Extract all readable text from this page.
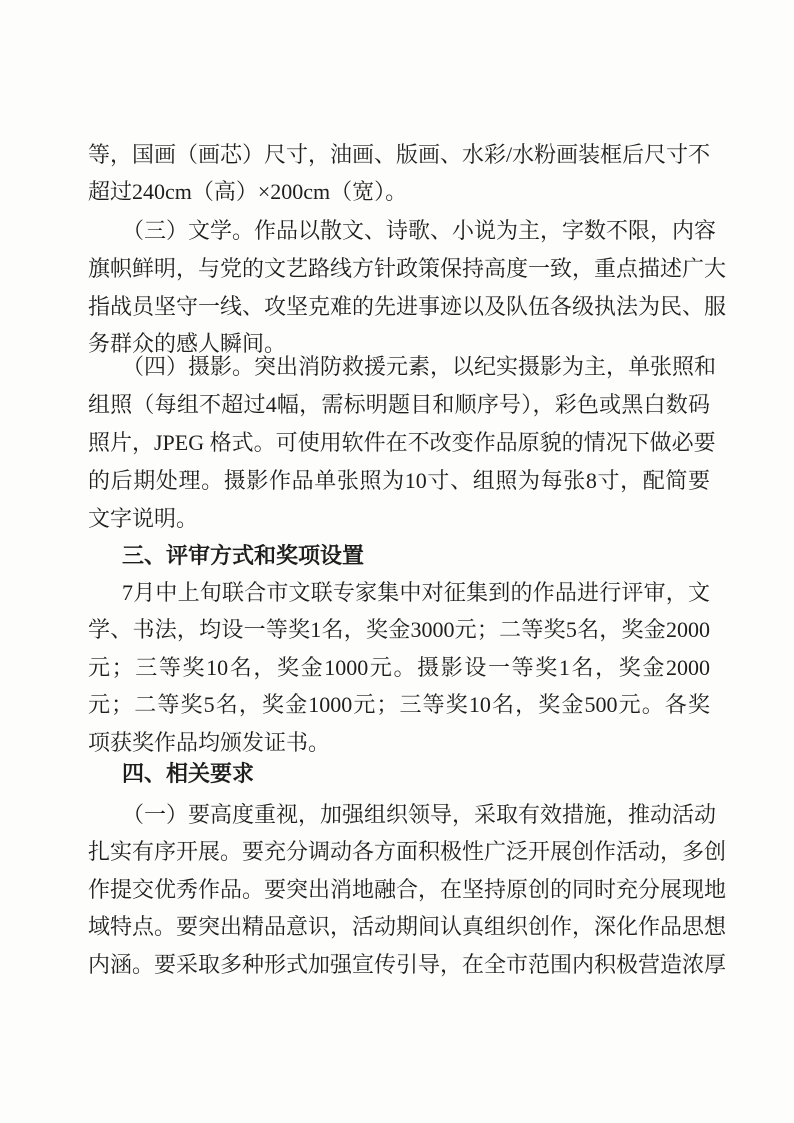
等，国画（画芯）尺寸，油画、版画、水彩/水粉画装框后尺寸不
超过240cm（高）×200cm（宽）。
（三）文学。作品以散文、诗歌、小说为主，字数不限，内容
旗帜鲜明，与党的文艺路线方针政策保持高度一致，重点描述广大
指战员坚守一线、攻坚克难的先进事迹以及队伍各级执法为民、服
务群众的感人瞬间。
（四）摄影。突出消防救援元素，以纪实摄影为主，单张照和
组照（每组不超过4幅，需标明题目和顺序号），彩色或黑白数码
照片，JPEG 格式。可使用软件在不改变作品原貌的情况下做必要
的后期处理。摄影作品单张照为10寸、组照为每张8寸，配简要
文字说明。
三、评审方式和奖项设置
7月中上旬联合市文联专家集中对征集到的作品进行评审，文
学、书法，均设一等奖1名，奖金3000元；二等奖5名，奖金2000
元；三等奖10名，奖金1000元。摄影设一等奖1名，奖金2000
元；二等奖5名，奖金1000元；三等奖10名，奖金500元。各奖
项获奖作品均颁发证书。
四、相关要求
（一）要高度重视，加强组织领导，采取有效措施，推动活动
扎实有序开展。要充分调动各方面积极性广泛开展创作活动，多创
作提交优秀作品。要突出消地融合，在坚持原创的同时充分展现地
域特点。要突出精品意识，活动期间认真组织创作，深化作品思想
内涵。要采取多种形式加强宣传引导，在全市范围内积极营造浓厚
